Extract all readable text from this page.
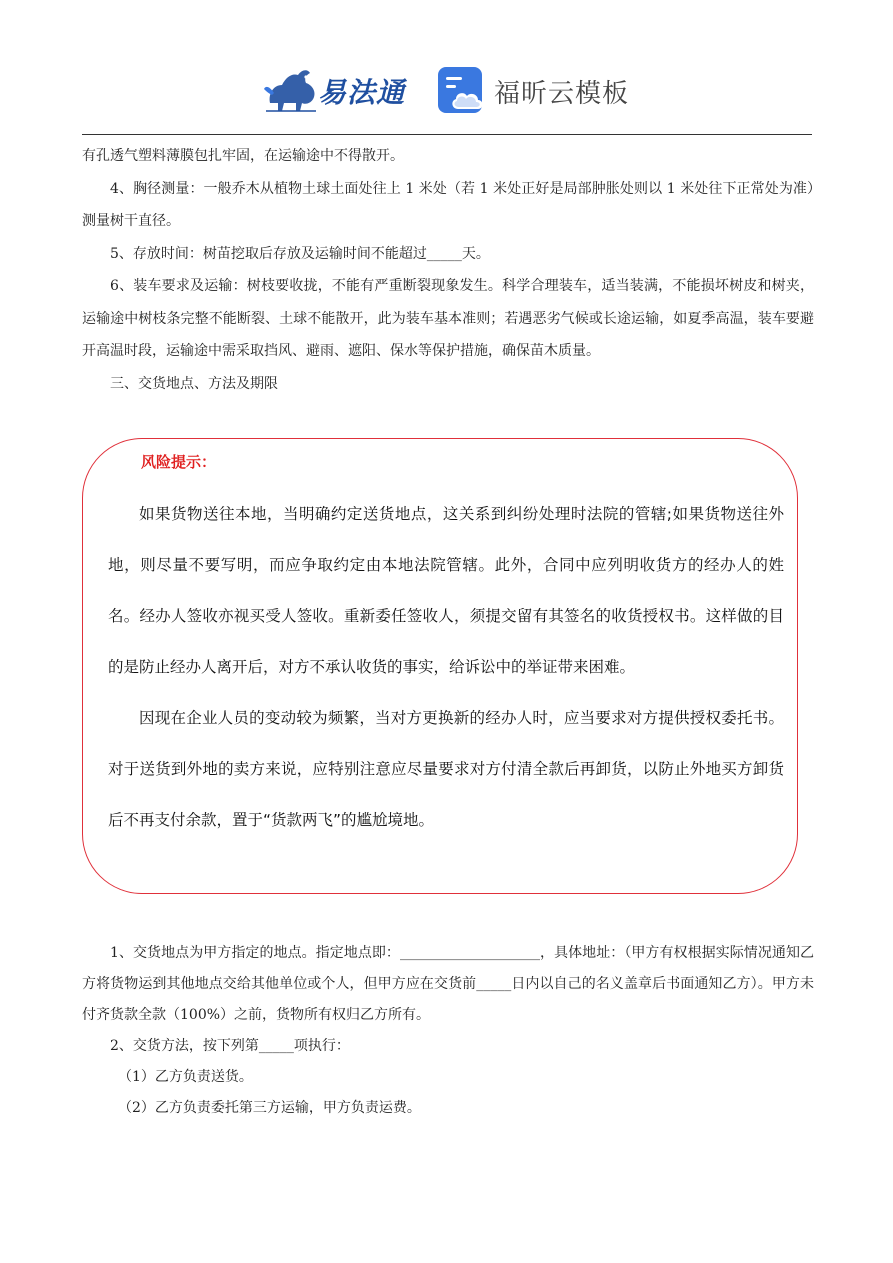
易法通	福昕云模板

有孔透气塑料薄膜包扎牢固，在运输途中不得散开。

4、胸径测量：一般乔木从植物土球土面处往上 1 米处（若 1 米处正好是局部肿胀处则以 1 米处往下正常处为准）测量树干直径。

5、存放时间：树苗挖取后存放及运输时间不能超过_____天。

6、装车要求及运输：树枝要收拢，不能有严重断裂现象发生。科学合理装车，适当装满，不能损坏树皮和树夹，运输途中树枝条完整不能断裂、土球不能散开，此为装车基本准则；若遇恶劣气候或长途运输，如夏季高温，装车要避开高温时段，运输途中需采取挡风、避雨、遮阳、保水等保护措施，确保苗木质量。

三、交货地点、方法及期限

风险提示：

如果货物送往本地，当明确约定送货地点，这关系到纠纷处理时法院的管辖;如果货物送往外地，则尽量不要写明，而应争取约定由本地法院管辖。此外，合同中应列明收货方的经办人的姓名。经办人签收亦视买受人签收。重新委任签收人，须提交留有其签名的收货授权书。这样做的目的是防止经办人离开后，对方不承认收货的事实，给诉讼中的举证带来困难。

因现在企业人员的变动较为频繁，当对方更换新的经办人时，应当要求对方提供授权委托书。对于送货到外地的卖方来说，应特别注意应尽量要求对方付清全款后再卸货，以防止外地买方卸货后不再支付余款，置于“货款两飞”的尴尬境地。

1、交货地点为甲方指定的地点。指定地点即：____________________，具体地址：（甲方有权根据实际情况通知乙方将货物运到其他地点交给其他单位或个人，但甲方应在交货前_____日内以自己的名义盖章后书面通知乙方）。甲方未付齐货款全款（100%）之前，货物所有权归乙方所有。

2、交货方法，按下列第_____项执行：

（1）乙方负责送货。

（2）乙方负责委托第三方运输，甲方负责运费。
